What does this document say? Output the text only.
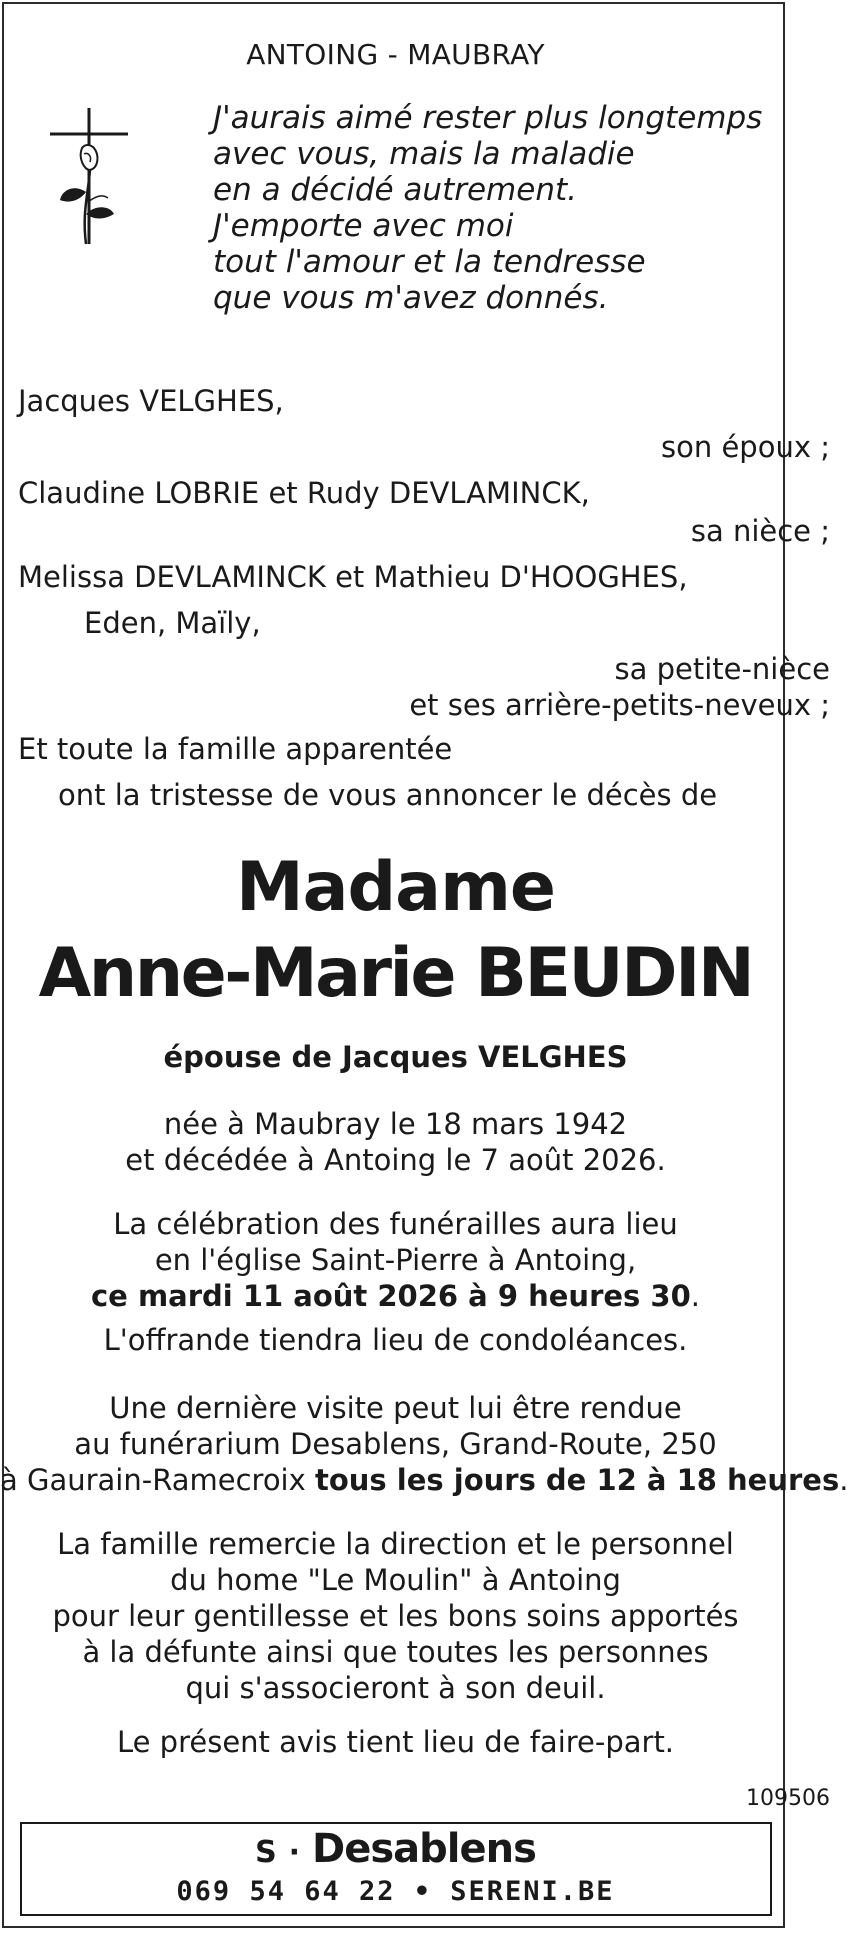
ANTOING - MAUBRAY
J'aurais aimé rester plus longtemps
avec vous, mais la maladie
en a décidé autrement.
J'emporte avec moi
tout l'amour et la tendresse
que vous m'avez donnés.
Jacques VELGHES,
son époux ;
Claudine LOBRIE et Rudy DEVLAMINCK,
sa nièce ;
Melissa DEVLAMINCK et Mathieu D'HOOGHES,
Eden, Maïly,
sa petite-nièce
et ses arrière-petits-neveux ;
Et toute la famille apparentée
ont la tristesse de vous annoncer le décès de
Madame
Anne-Marie BEUDIN
épouse de Jacques VELGHES
née à Maubray le 18 mars 1942
et décédée à Antoing le 7 août 2026.
La célébration des funérailles aura lieu
en l'église Saint-Pierre à Antoing,
ce mardi 11 août 2026 à 9 heures 30.
L'offrande tiendra lieu de condoléances.
Une dernière visite peut lui être rendue
au funérarium Desablens, Grand-Route, 250
à Gaurain-Ramecroix tous les jours de 12 à 18 heures.
La famille remercie la direction et le personnel
du home "Le Moulin" à Antoing
pour leur gentillesse et les bons soins apportés
à la défunte ainsi que toutes les personnes
qui s'associeront à son deuil.
Le présent avis tient lieu de faire-part.
109506
S · Desablens
069 54 64 22 • SERENI.BE
